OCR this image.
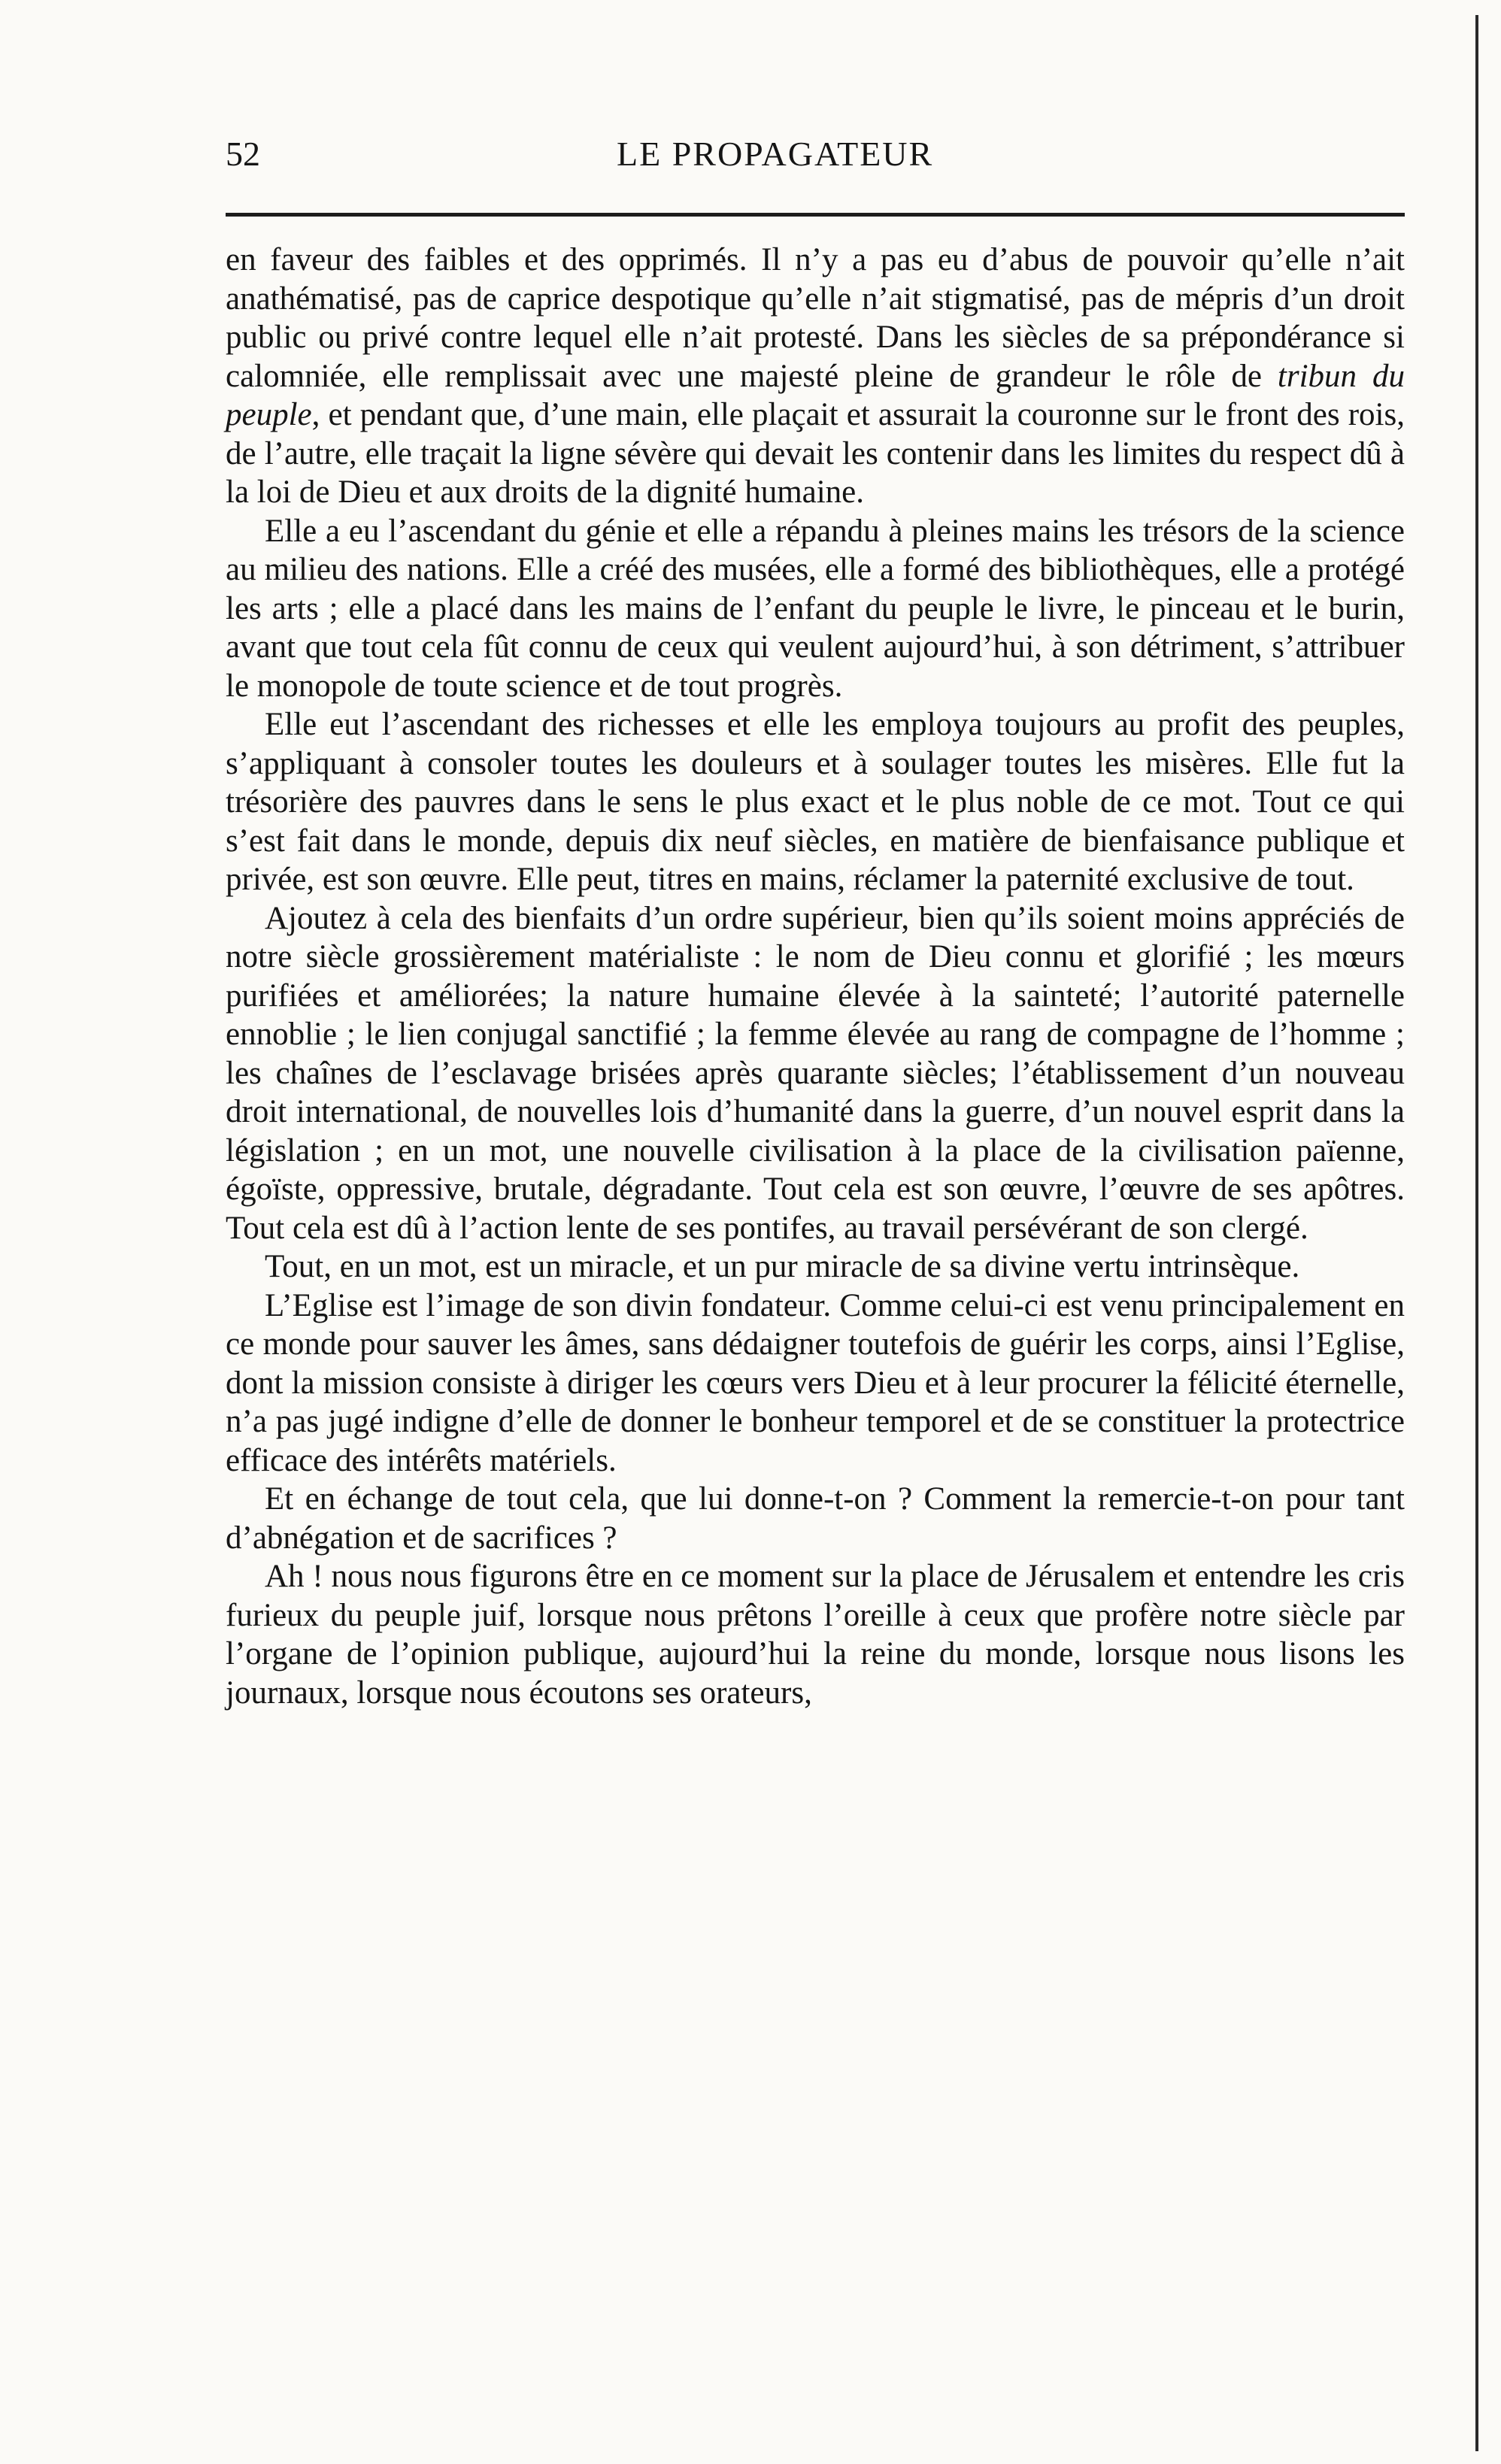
52	LE PROPAGATEUR

en faveur des faibles et des opprimés. Il n’y a pas eu d’abus de pouvoir qu’elle n’ait anathématisé, pas de caprice despotique qu’elle n’ait stigmatisé, pas de mépris d’un droit public ou privé contre lequel elle n’ait protesté. Dans les siècles de sa prépondérance si calomniée, elle remplissait avec une majesté pleine de grandeur le rôle de tribun du peuple, et pendant que, d’une main, elle plaçait et assurait la couronne sur le front des rois, de l’autre, elle traçait la ligne sévère qui devait les contenir dans les limites du respect dû à la loi de Dieu et aux droits de la dignité humaine.

Elle a eu l’ascendant du génie et elle a répandu à pleines mains les trésors de la science au milieu des nations. Elle a créé des musées, elle a formé des bibliothèques, elle a protégé les arts ; elle a placé dans les mains de l’enfant du peuple le livre, le pinceau et le burin, avant que tout cela fût connu de ceux qui veulent aujourd’hui, à son détriment, s’attribuer le monopole de toute science et de tout progrès.

Elle eut l’ascendant des richesses et elle les employa toujours au profit des peuples, s’appliquant à consoler toutes les douleurs et à soulager toutes les misères. Elle fut la trésorière des pauvres dans le sens le plus exact et le plus noble de ce mot. Tout ce qui s’est fait dans le monde, depuis dix neuf siècles, en matière de bienfaisance publique et privée, est son œuvre. Elle peut, titres en mains, réclamer la paternité exclusive de tout.

Ajoutez à cela des bienfaits d’un ordre supérieur, bien qu’ils soient moins appréciés de notre siècle grossièrement matérialiste : le nom de Dieu connu et glorifié ; les mœurs purifiées et améliorées; la nature humaine élevée à la sainteté; l’autorité paternelle ennoblie ; le lien conjugal sanctifié ; la femme élevée au rang de compagne de l’homme ; les chaînes de l’esclavage brisées après quarante siècles; l’établissement d’un nouveau droit international, de nouvelles lois d’humanité dans la guerre, d’un nouvel esprit dans la législation ; en un mot, une nouvelle civilisation à la place de la civilisation païenne, égoïste, oppressive, brutale, dégradante. Tout cela est son œuvre, l’œuvre de ses apôtres. Tout cela est dû à l’action lente de ses pontifes, au travail persévérant de son clergé.

Tout, en un mot, est un miracle, et un pur miracle de sa divine vertu intrinsèque.

L’Eglise est l’image de son divin fondateur. Comme celui-ci est venu principalement en ce monde pour sauver les âmes, sans dédaigner toutefois de guérir les corps, ainsi l’Eglise, dont la mission consiste à diriger les cœurs vers Dieu et à leur procurer la félicité éternelle, n’a pas jugé indigne d’elle de donner le bonheur temporel et de se constituer la protectrice efficace des intérêts matériels.

Et en échange de tout cela, que lui donne-t-on ? Comment la remercie-t-on pour tant d’abnégation et de sacrifices ?

Ah ! nous nous figurons être en ce moment sur la place de Jérusalem et entendre les cris furieux du peuple juif, lorsque nous prêtons l’oreille à ceux que profère notre siècle par l’organe de l’opinion publique, aujourd’hui la reine du monde, lorsque nous lisons les journaux, lorsque nous écoutons ses orateurs,
